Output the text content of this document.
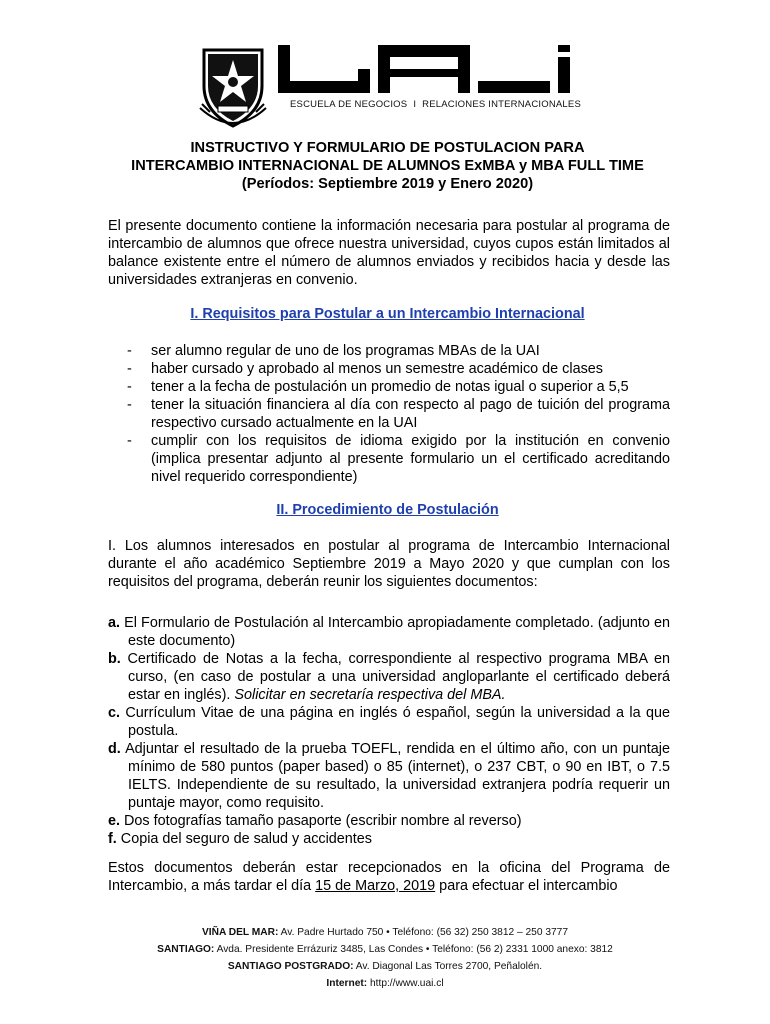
ESCUELA DE NEGOCIOS I RELACIONES INTERNACIONALES
INSTRUCTIVO Y FORMULARIO DE POSTULACION PARA
INTERCAMBIO INTERNACIONAL DE ALUMNOS ExMBA y MBA FULL TIME
(Períodos: Septiembre 2019 y Enero 2020)

El presente documento contiene la información necesaria para postular al programa de intercambio de alumnos que ofrece nuestra universidad, cuyos cupos están limitados al balance existente entre el número de alumnos enviados y recibidos hacia y desde las universidades extranjeras en convenio.

I. Requisitos para Postular a un Intercambio Internacional
- ser alumno regular de uno de los programas MBAs de la UAI
- haber cursado y aprobado al menos un semestre académico de clases
- tener a la fecha de postulación un promedio de notas igual o superior a 5,5
- tener la situación financiera al día con respecto al pago de tuición del programa respectivo cursado actualmente en la UAI
- cumplir con los requisitos de idioma exigido por la institución en convenio (implica presentar adjunto al presente formulario un el certificado acreditando nivel requerido correspondiente)
II. Procedimiento de Postulación

I. Los alumnos interesados en postular al programa de Intercambio Internacional durante el año académico Septiembre 2019 a Mayo 2020 y que cumplan con los requisitos del programa, deberán reunir los siguientes documentos:

a. El Formulario de Postulación al Intercambio apropiadamente completado. (adjunto en este documento)
b. Certificado de Notas a la fecha, correspondiente al respectivo programa MBA en curso, (en caso de postular a una universidad angloparlante el certificado deberá estar en inglés). Solicitar en secretaría respectiva del MBA.
c. Currículum Vitae de una página en inglés ó español, según la universidad a la que postula.
d. Adjuntar el resultado de la prueba TOEFL, rendida en el último año, con un puntaje mínimo de 580 puntos (paper based) o 85 (internet), o 237 CBT, o 90 en IBT, o 7.5 IELTS. Independiente de su resultado, la universidad extranjera podría requerir un puntaje mayor, como requisito.
e. Dos fotografías tamaño pasaporte (escribir nombre al reverso)
f. Copia del seguro de salud y accidentes

Estos documentos deberán estar recepcionados en la oficina del Programa de Intercambio, a más tardar el día 15 de Marzo, 2019 para efectuar el intercambio

VIÑA DEL MAR: Av. Padre Hurtado 750 • Teléfono: (56 32) 250 3812 – 250 3777
SANTIAGO: Avda. Presidente Errázuriz 3485, Las Condes • Teléfono: (56 2) 2331 1000 anexo: 3812
SANTIAGO POSTGRADO: Av. Diagonal Las Torres 2700, Peñalolén.
Internet: http://www.uai.cl
